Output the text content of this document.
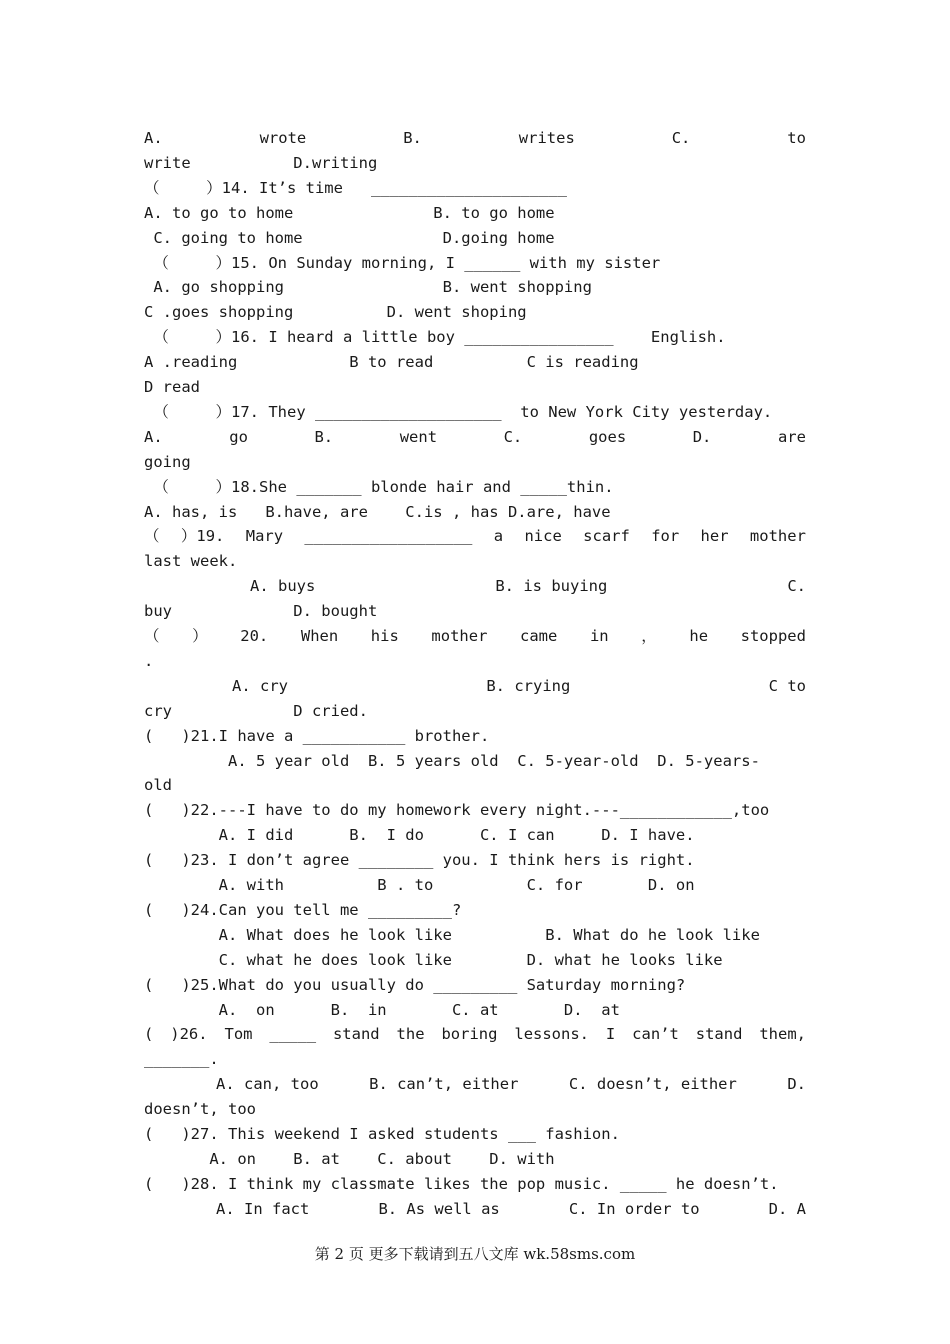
A.	wrote	B.	writes	C.	to
write           D.writing
（     ）14. It’s time   _____________________
A. to go to home               B. to go home
C. going to home               D.going home
（     ）15. On Sunday morning, I ______ with my sister
A. go shopping                 B. went shopping
C .goes shopping          D. went shoping
（     ）16. I heard a little boy ________________    English.
A .reading            B to read          C is reading
D read
（     ）17. They ____________________  to New York City yesterday.
A.	go	B.	went	C.	goes	D.	are
going
（     ）18.She _______ blonde hair and _____thin.
A. has, is   B.have, are    C.is , has D.are, have
（ ）19. Mary __________________ a nice scarf for her mother
last week.
A. buys	B. is buying	C.
buy             D. bought
（ ） 20. When his mother came in ， he stopped
.
A. cry	B. crying	C to
cry             D cried.
(   )21.I have a ___________ brother.
A. 5 year old  B. 5 years old  C. 5-year-old  D. 5-years-
old
(   )22.---I have to do my homework every night.---____________,too
A. I did      B.  I do      C. I can     D. I have.
(   )23. I don’t agree ________ you. I think hers is right.
A. with          B . to          C. for       D. on
(   )24.Can you tell me _________?
A. What does he look like          B. What do he look like
C. what he does look like        D. what he looks like
(   )25.What do you usually do _________ Saturday morning?
A.  on      B.  in       C. at       D.  at
( )26. Tom _____ stand the boring lessons. I can’t stand them,
_______.
A. can, too	B. can’t, either	C. doesn’t, either	D.
doesn’t, too
(   )27. This weekend I asked students ___ fashion.
A. on    B. at    C. about    D. with
(   )28. I think my classmate likes the pop music. _____ he doesn’t.
A. In fact	B. As well as	C. In order to	D. A
第 2 页 更多下载请到五八文库 wk.58sms.com
